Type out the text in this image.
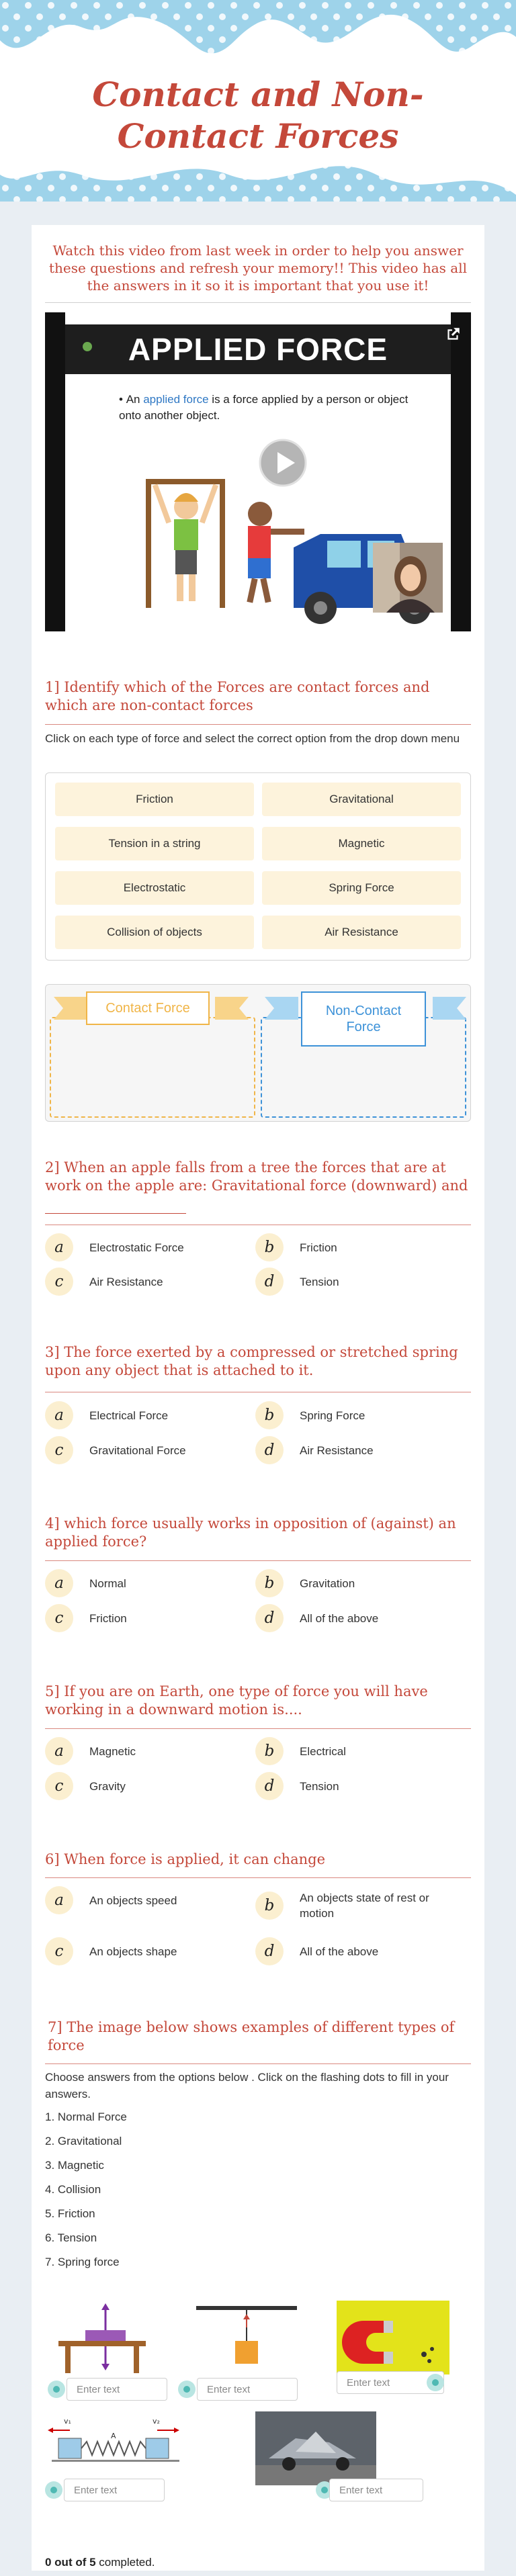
Contact and Non-Contact Forces
Watch this video from last week in order to help you answer these questions and refresh your memory!! This video has all the answers in it so it is important that you use it!
APPLIED FORCE
• An applied force is a force applied by a person or object onto another object.
1] Identify which of the Forces are contact forces and which are non-contact forces
Click on each type of force and select the correct option from the drop down menu
Friction	Gravitational
Tension in a string	Magnetic
Electrostatic	Spring Force
Collision of objects	Air Resistance
Contact Force	Non-Contact Force
2] When an apple falls from a tree the forces that are at work on the apple are: Gravitational force (downward) and
a	Electrostatic Force	b	Friction
c	Air Resistance	d	Tension
3] The force exerted by a compressed or stretched spring upon any object that is attached to it.
a	Electrical Force	b	Spring Force
c	Gravitational Force	d	Air Resistance
4] which force usually works in opposition of (against) an applied force?
a	Normal	b	Gravitation
c	Friction	d	All of the above
5] If you are on Earth, one type of force you will have working in a downward motion is....
a	Magnetic	b	Electrical
c	Gravity	d	Tension
6] When force is applied, it can change
a	An objects speed	b	An objects state of rest or motion
c	An objects shape	d	All of the above
7] The image below shows examples of different types of force
Choose answers from the options below . Click on the flashing dots to fill in your answers.
1. Normal Force
2. Gravitational
3. Magnetic
4. Collision
5. Friction
6. Tension
7. Spring force
Enter text	Enter text
Enter text
v₁
A
v₂
Enter text	Enter text
0 out of 5 completed.
